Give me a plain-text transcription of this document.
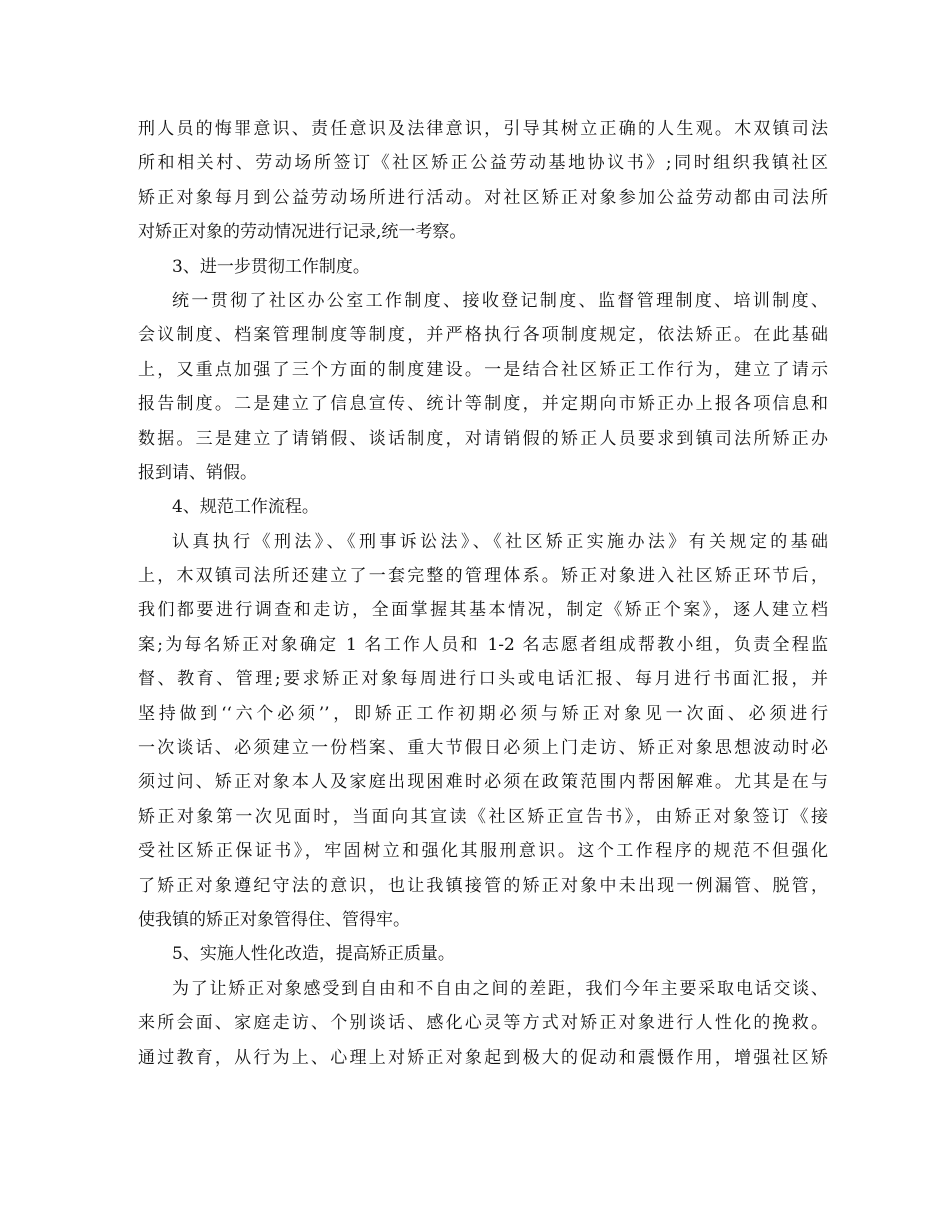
刑人员的悔罪意识、责任意识及法律意识，引导其树立正确的人生观。木双镇司法
所和相关村、劳动场所签订《社区矫正公益劳动基地协议书》;同时组织我镇社区
矫正对象每月到公益劳动场所进行活动。对社区矫正对象参加公益劳动都由司法所
对矫正对象的劳动情况进行记录,统一考察。
3、进一步贯彻工作制度。
统一贯彻了社区办公室工作制度、接收登记制度、监督管理制度、培训制度、
会议制度、档案管理制度等制度，并严格执行各项制度规定，依法矫正。在此基础
上，又重点加强了三个方面的制度建设。一是结合社区矫正工作行为，建立了请示
报告制度。二是建立了信息宣传、统计等制度，并定期向市矫正办上报各项信息和
数据。三是建立了请销假、谈话制度，对请销假的矫正人员要求到镇司法所矫正办
报到请、销假。
4、规范工作流程。
认真执行《刑法》、《刑事诉讼法》、《社区矫正实施办法》有关规定的基础
上，木双镇司法所还建立了一套完整的管理体系。矫正对象进入社区矫正环节后，
我们都要进行调查和走访，全面掌握其基本情况，制定《矫正个案》，逐人建立档
案;为每名矫正对象确定 1 名工作人员和 1-2 名志愿者组成帮教小组，负责全程监
督、教育、管理;要求矫正对象每周进行口头或电话汇报、每月进行书面汇报，并
坚持做到‘‘六个必须’’，即矫正工作初期必须与矫正对象见一次面、必须进行
一次谈话、必须建立一份档案、重大节假日必须上门走访、矫正对象思想波动时必
须过问、矫正对象本人及家庭出现困难时必须在政策范围内帮困解难。尤其是在与
矫正对象第一次见面时，当面向其宣读《社区矫正宣告书》，由矫正对象签订《接
受社区矫正保证书》，牢固树立和强化其服刑意识。这个工作程序的规范不但强化
了矫正对象遵纪守法的意识，也让我镇接管的矫正对象中未出现一例漏管、脱管，
使我镇的矫正对象管得住、管得牢。
5、实施人性化改造，提高矫正质量。
为了让矫正对象感受到自由和不自由之间的差距，我们今年主要采取电话交谈、
来所会面、家庭走访、个别谈话、感化心灵等方式对矫正对象进行人性化的挽救。
通过教育，从行为上、心理上对矫正对象起到极大的促动和震慑作用，增强社区矫
